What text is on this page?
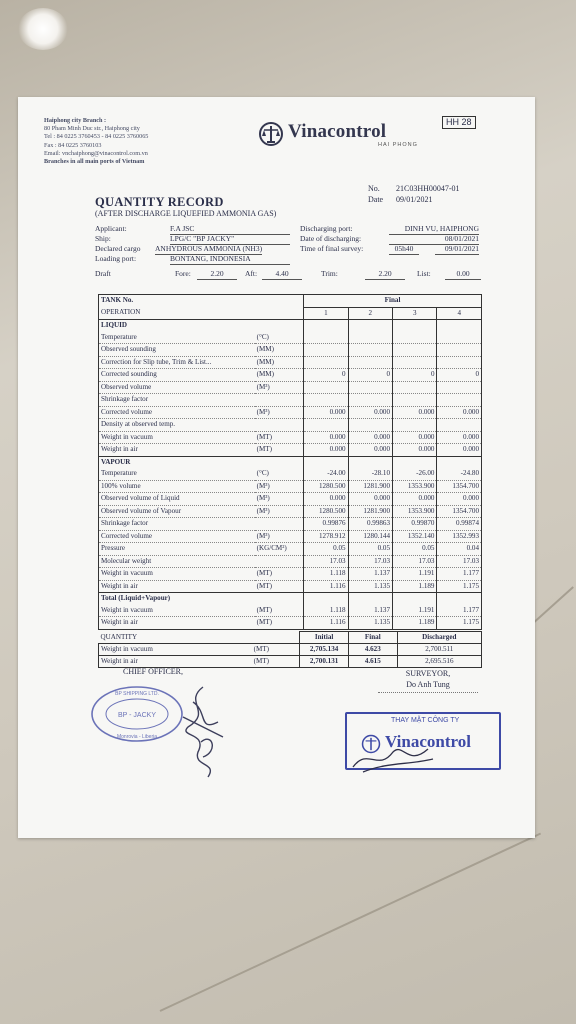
Haiphong city Branch :
80 Pham Minh Duc str., Haiphong city
Tel : 84 0225 3760453 - 84 0225 3760065
Fax : 84 0225 3760103
Email: vnchaiphong@vinacontrol.com.vn
Branches in all main ports of Vietnam
HH 28
Vinacontrol
HAI PHONG
No. 21C03HH00047-01
Date 09/01/2021
QUANTITY RECORD
(AFTER DISCHARGE LIQUEFIED AMMONIA GAS)
Applicant:	F.A JSC
Ship:	LPG/C "BP JACKY"
Declared cargo ANHYDROUS AMMONIA (NH3)
Loading port:	BONTANG, INDONESIA
Discharging port:	DINH VU, HAIPHONG
Date of discharging:	08/01/2021
Time of final survey:	05h40	09/01/2021
Draft	Fore:	2.20	Aft:	4.40	Trim:	2.20	List:	0.00
TANK No.		Final			
OPERATION		1	2	3	4
LIQUID					
Temperature	(°C)				
Observed sounding	(MM)				
Correction for Slip tube, Trim & List...	(MM)				
Corrected sounding	(MM)	0	0	0	0
Observed volume	(M³)				
Shrinkage factor					
Corrected volume	(M³)	0.000	0.000	0.000	0.000
Density at observed temp.					
Weight in vacuum	(MT)	0.000	0.000	0.000	0.000
Weight in air	(MT)	0.000	0.000	0.000	0.000
VAPOUR					
Temperature	(°C)	-24.00	-28.10	-26.00	-24.80
100% volume	(M³)	1280.500	1281.900	1353.900	1354.700
Observed volume of Liquid	(M³)	0.000	0.000	0.000	0.000
Observed volume of Vapour	(M³)	1280.500	1281.900	1353.900	1354.700
Shrinkage factor		0.99876	0.99863	0.99870	0.99874
Corrected volume	(M³)	1278.912	1280.144	1352.140	1352.993
Pressure	(KG/CM²)	0.05	0.05	0.05	0.04
Molecular weight		17.03	17.03	17.03	17.03
Weight in vacuum	(MT)	1.118	1.137	1.191	1.177
Weight in air	(MT)	1.116	1.135	1.189	1.175
Total (Liquid+Vapour)					
Weight in vacuum	(MT)	1.118	1.137	1.191	1.177
Weight in air	(MT)	1.116	1.135	1.189	1.175
QUANTITY		Initial	Final	Discharged
Weight in vacuum	(MT)	2,705.134	4.623	2,700.511
Weight in air	(MT)	2,700.131	4.615	2,695.516
CHIEF OFFICER,	SURVEYOR,
Do Anh Tung
BP - JACKY
BP SHIPPING LTD.
Monrovia - Liberia
THAY MẶT CÔNG TY
Vinacontrol
